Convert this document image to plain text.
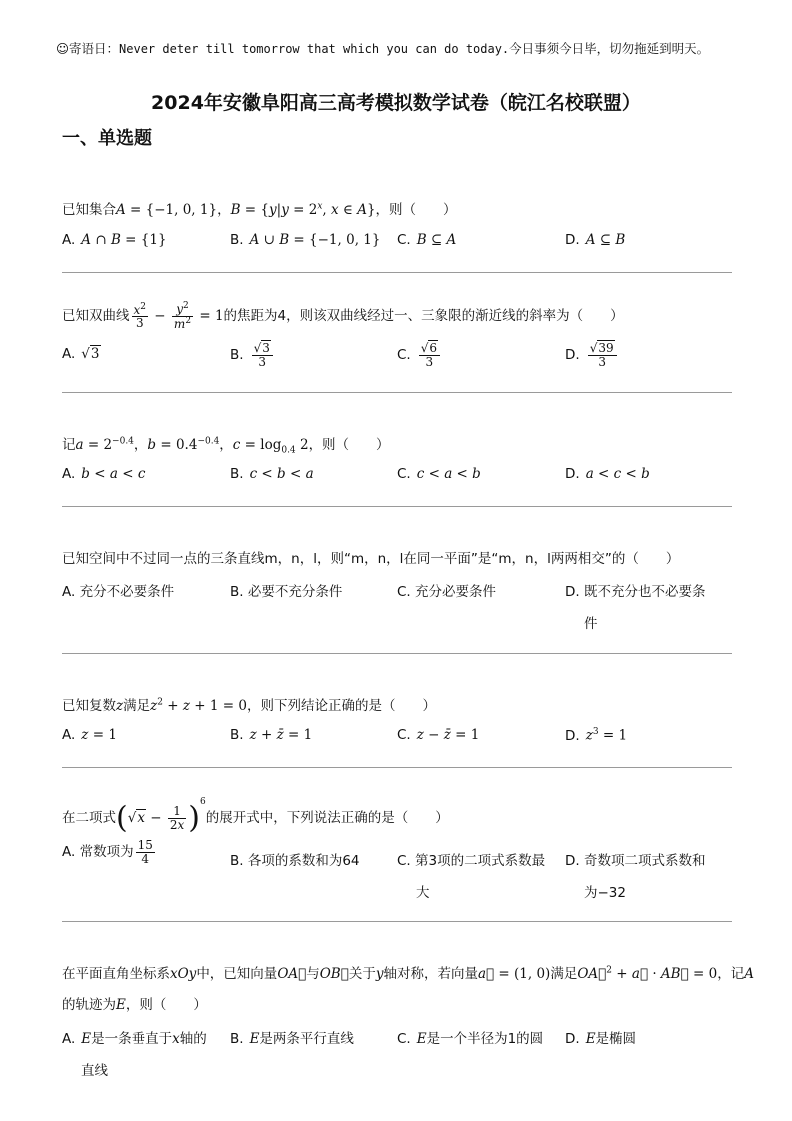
☺寄语日：Never deter till tomorrow that which you can do today.今日事须今日毕，切勿拖延到明天。
2024年安徽阜阳高三高考模拟数学试卷（皖江名校联盟）
一、单选题
已知集合A = {−1, 0, 1}，$B = \{y|y = 2^x$, x ∈ A}，则（　　）
A. A ∩ B = {1}	B. A ∪ B = {−1, 0, 1} C. B ⊆ A	D. A ⊆ B
已知双曲线 $\frac{x^2}{3} - \frac{y^2}{m^2} = 1$的焦距为4，则该双曲线经过一、三象限的渐近线的斜率为（　　）
A. √3	B. $\frac{√3}{3}$	C. $\frac{√6}{3}$	D. $\frac{√39}{3}$
记$a = 2^{-0.4}$，$b = 0.4^{-0.4}$，$c = \log_{0.4} 2$，则（　　）
A. b < a < c	B. c < b < a	C. c < a < b	D. a < c < b
已知空间中不过同一点的三条直线m，n，l，则“m，n，l在同一平面”是“m，n，l两两相交”的（　　）
A. 充分不必要条件	B. 必要不充分条件	C. 充分必要条件	D. 既不充分也不必要条
件
已知复数z满足$z^2 + z + 1 = 0$，则下列结论正确的是（　　）
A. z = 1	B. z + z̄ = 1	C. z − z̄ = 1	D. $z^3 = 1$
在二项式$(√x - \frac{1}{2x} )^6$的展开式中，下列说法正确的是（　　）
A. 常数项为 $\frac{15}{4}$	B. 各项的系数和为64	C. 第3项的二项式系数最
大
D. 奇数项二项式系数和
为−32
在平面直角坐标系xOy中，已知向量OA⃗与OB⃗关于y轴对称，若向量a⃗ = (1, 0)满足OA⃗$^2$ + a⃗ · AB⃗ = 0，记A
的轨迹为E，则（　　）
A. E是一条垂直于x轴的
直线
B. E是两条平行直线	C. E是一个半径为1的圆 D. E是椭圆
